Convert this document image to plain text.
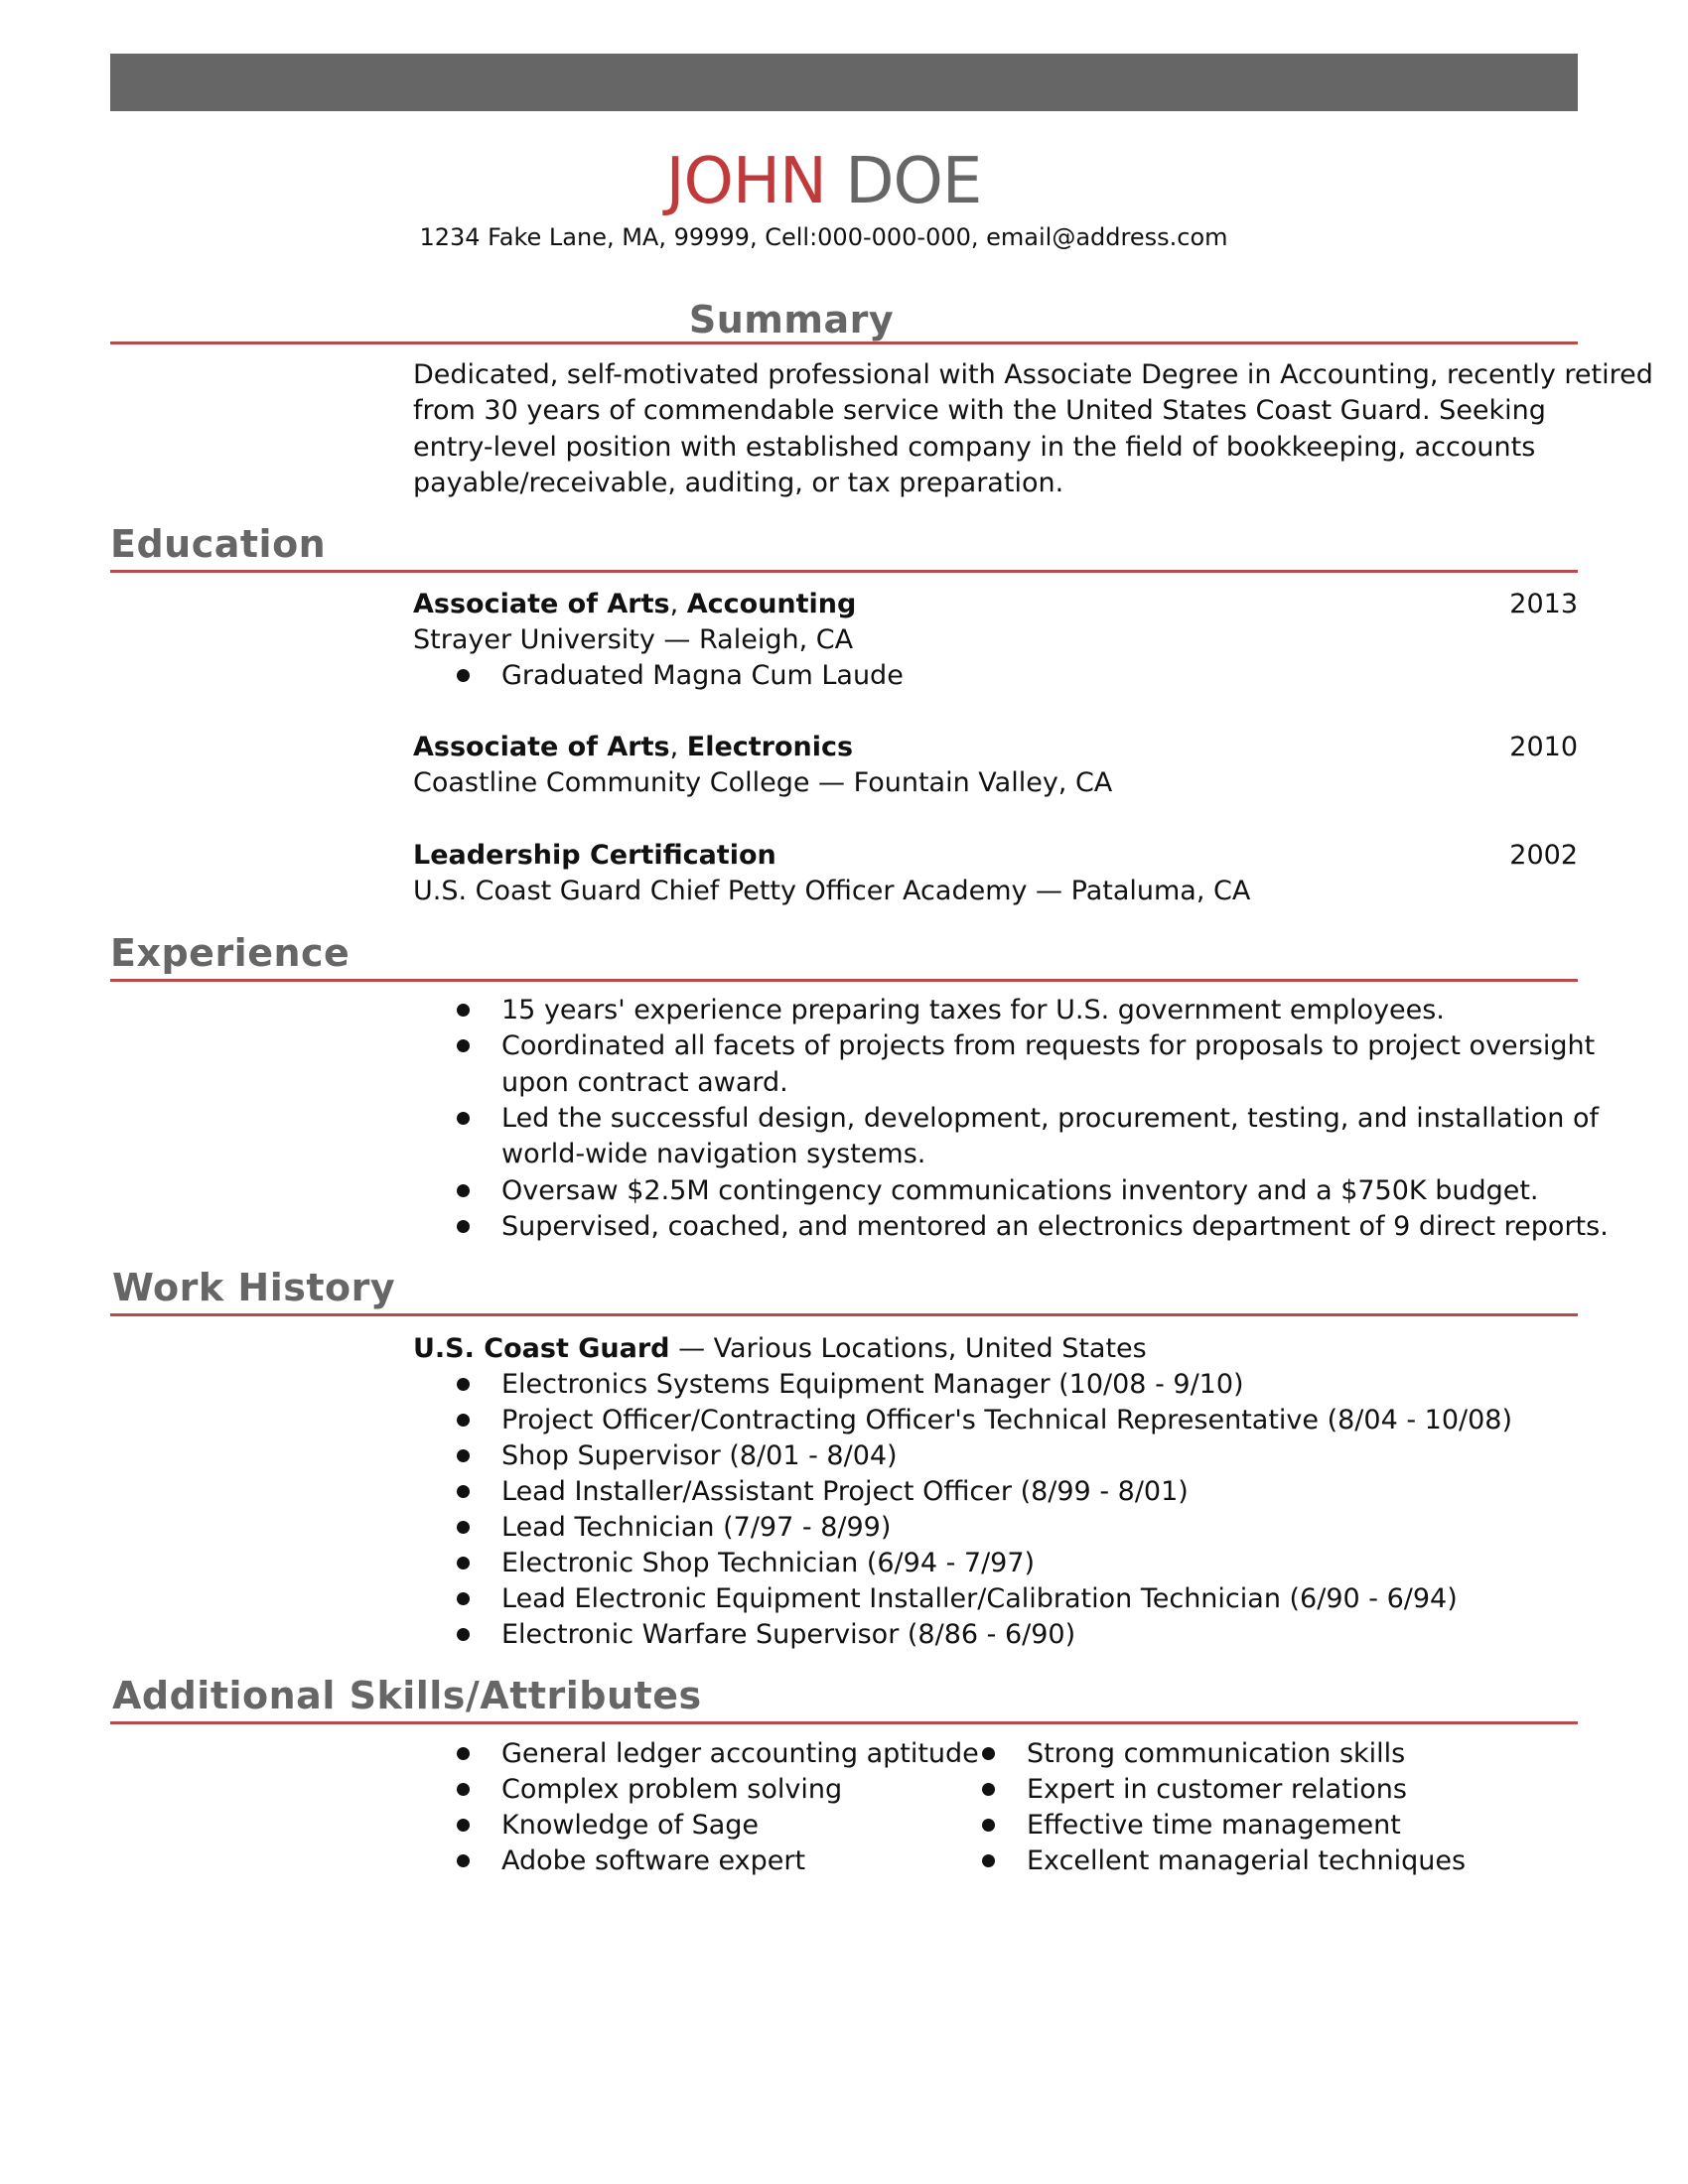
JOHN DOE
1234 Fake Lane, MA, 99999, Cell:000-000-000, email@address.com
Summary
Dedicated, self-motivated professional with Associate Degree in Accounting, recently retired
from 30 years of commendable service with the United States Coast Guard. Seeking
entry-level position with established company in the field of bookkeeping, accounts
payable/receivable, auditing, or tax preparation.
Education
Associate of Arts, Accounting	2013
Strayer University — Raleigh, CA
Graduated Magna Cum Laude
Associate of Arts, Electronics	2010
Coastline Community College — Fountain Valley, CA
Leadership Certification	2002
U.S. Coast Guard Chief Petty Officer Academy — Pataluma, CA
Experience
15 years' experience preparing taxes for U.S. government employees.
Coordinated all facets of projects from requests for proposals to project oversight
upon contract award.
Led the successful design, development, procurement, testing, and installation of
world-wide navigation systems.
Oversaw $2.5M contingency communications inventory and a $750K budget.
Supervised, coached, and mentored an electronics department of 9 direct reports.
Work History
U.S. Coast Guard — Various Locations, United States
Electronics Systems Equipment Manager (10/08 - 9/10)
Project Officer/Contracting Officer's Technical Representative (8/04 - 10/08)
Shop Supervisor (8/01 - 8/04)
Lead Installer/Assistant Project Officer (8/99 - 8/01)
Lead Technician (7/97 - 8/99)
Electronic Shop Technician (6/94 - 7/97)
Lead Electronic Equipment Installer/Calibration Technician (6/90 - 6/94)
Electronic Warfare Supervisor (8/86 - 6/90)
Additional Skills/Attributes
General ledger accounting aptitude
Complex problem solving
Knowledge of Sage
Adobe software expert
Strong communication skills
Expert in customer relations
Effective time management
Excellent managerial techniques
